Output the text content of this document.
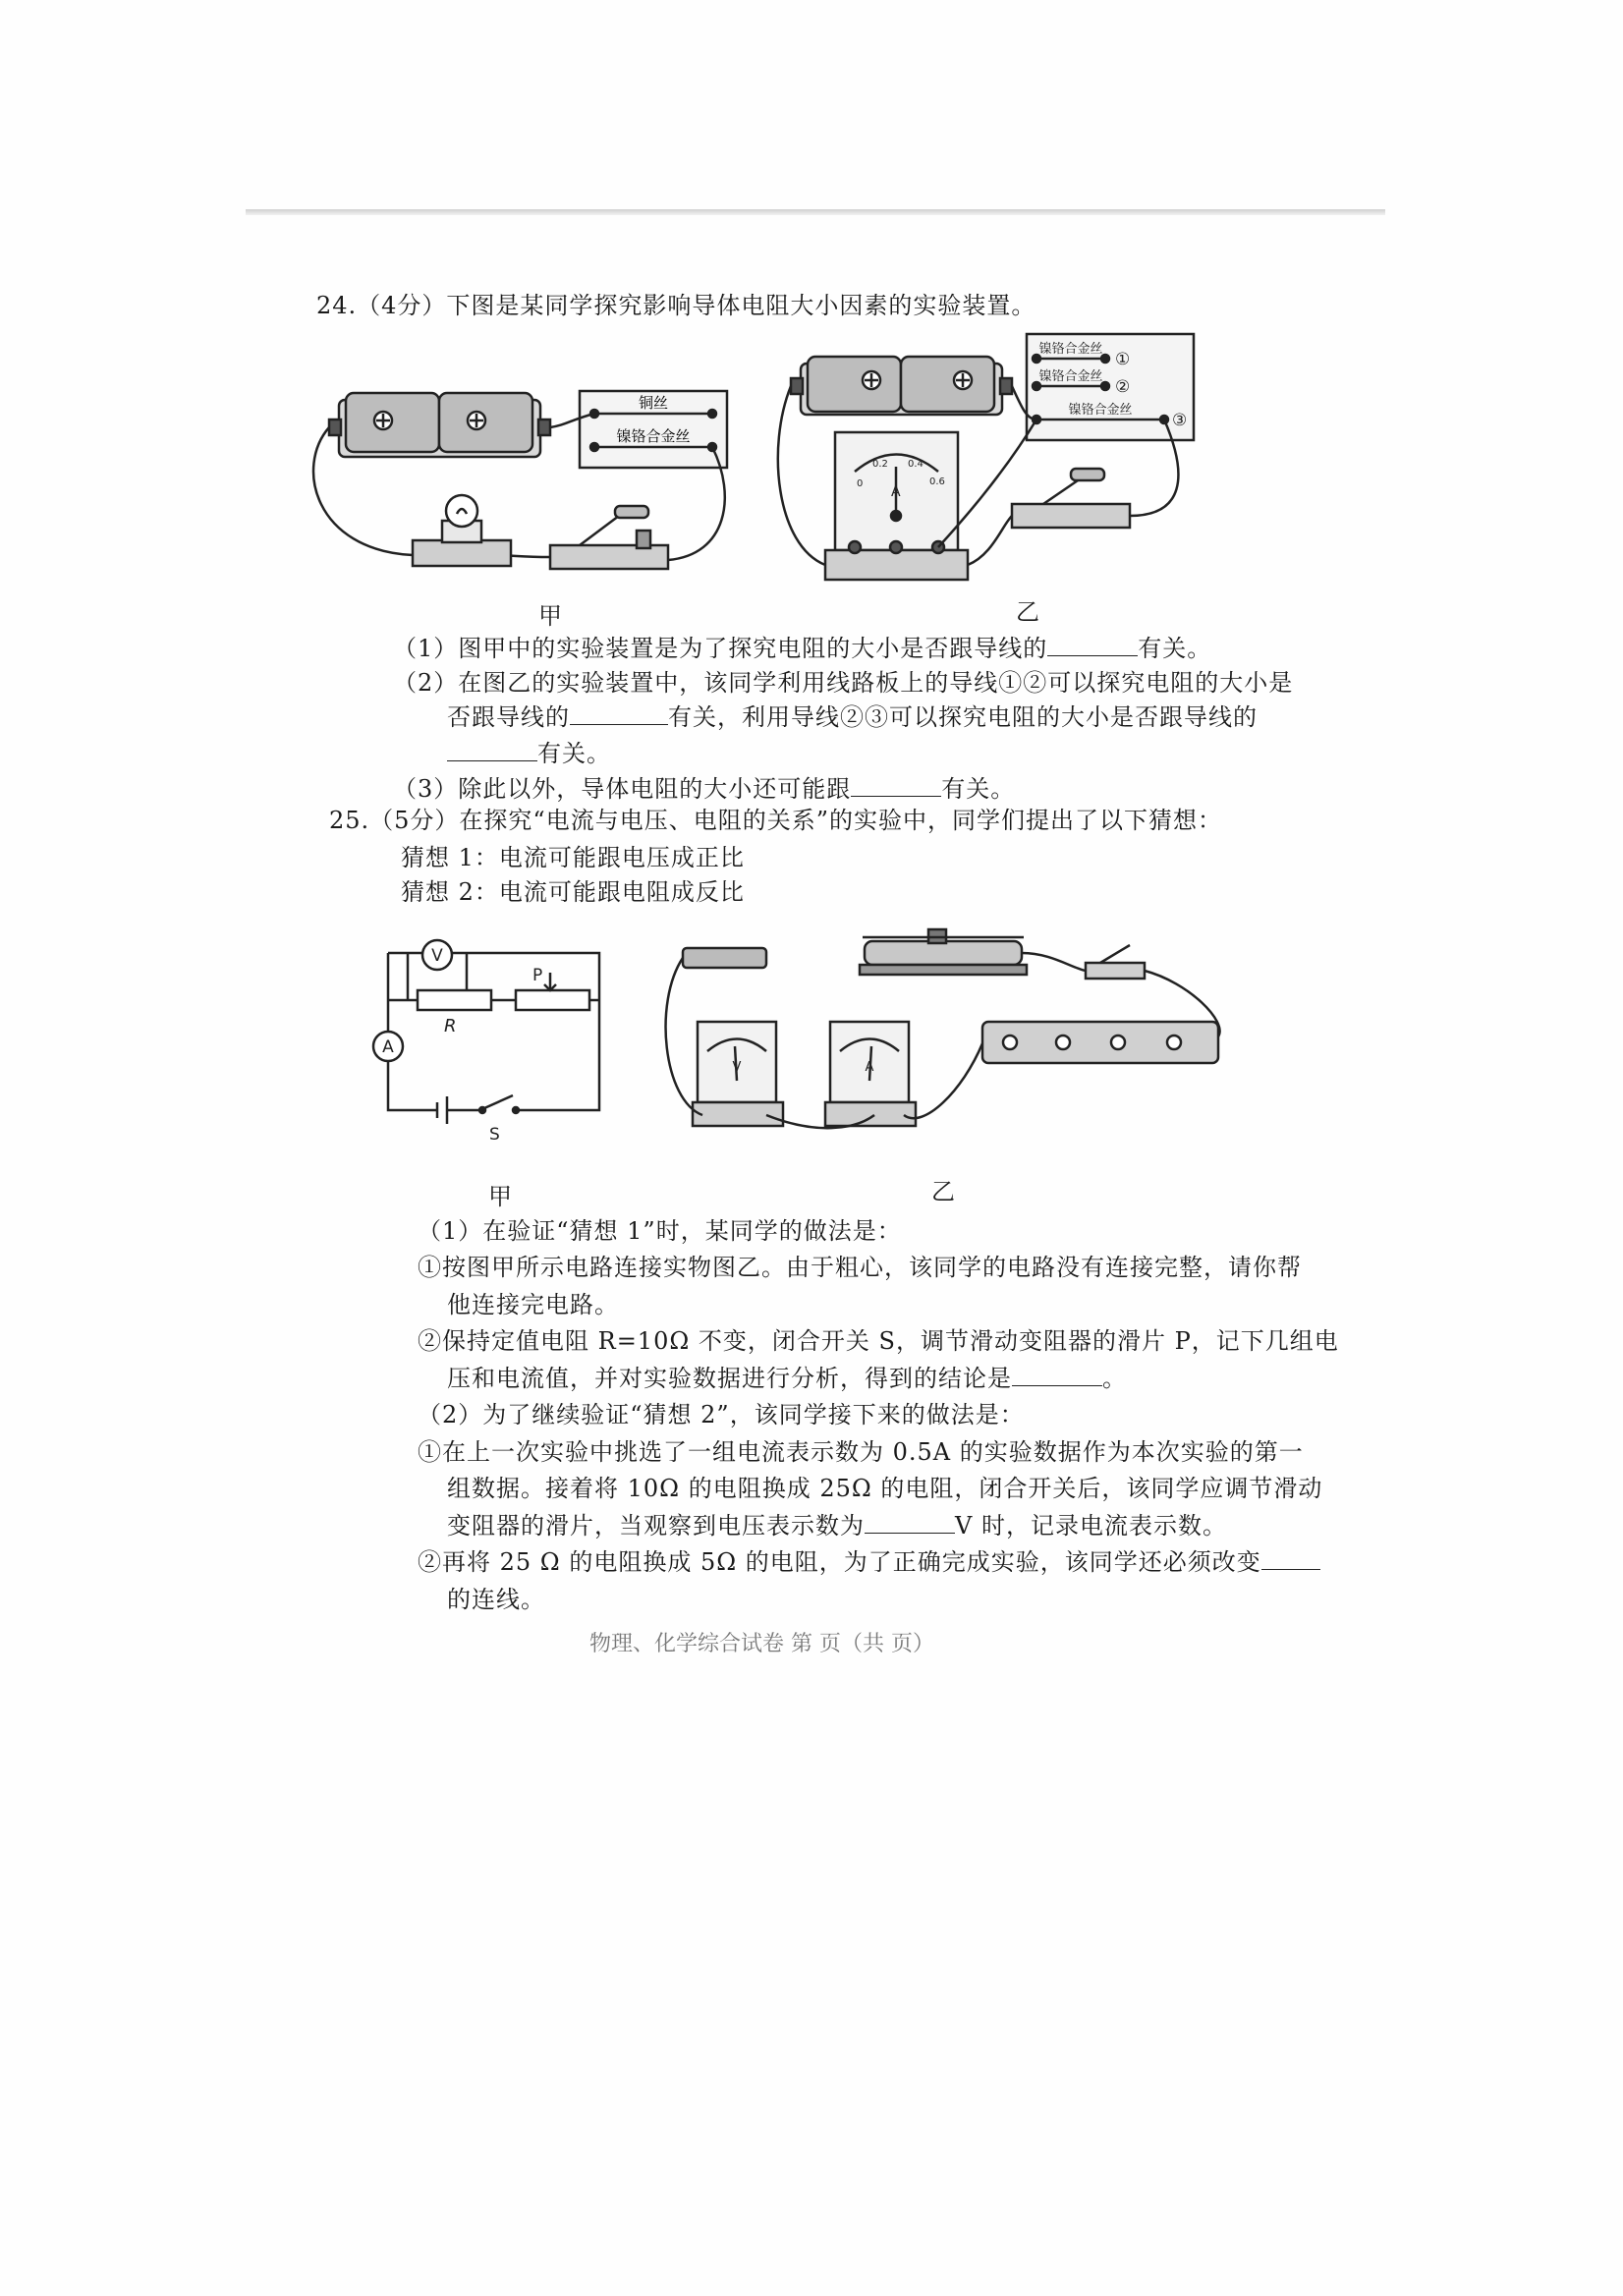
24.（4分）下图是某同学探究影响导体电阻大小因素的实验装置。
铜丝
镍铬合金丝
甲
镍铬合金丝
镍铬合金丝
镍铬合金丝
①
②
③
0
0.2 0.4
0.6
A
乙
（1）图甲中的实验装置是为了探究电阻的大小是否跟导线的	有关。
（2）在图乙的实验装置中，该同学利用线路板上的导线①②可以探究电阻的大小是
否跟导线的	有关，利用导线②③可以探究电阻的大小是否跟导线的
有关。
（3）除此以外，导体电阻的大小还可能跟	有关。
25.（5分）在探究“电流与电压、电阻的关系”的实验中，同学们提出了以下猜想：
猜想 1：电流可能跟电压成正比
猜想 2：电流可能跟电阻成反比
V
A
R
P
S
甲
V	A
乙
（1）在验证“猜想 1”时，某同学的做法是：
①按图甲所示电路连接实物图乙。由于粗心，该同学的电路没有连接完整，请你帮
他连接完电路。
②保持定值电阻 R=10Ω 不变，闭合开关 S，调节滑动变阻器的滑片 P，记下几组电
压和电流值，并对实验数据进行分析，得到的结论是	。
（2）为了继续验证“猜想 2”，该同学接下来的做法是：
①在上一次实验中挑选了一组电流表示数为 0.5A 的实验数据作为本次实验的第一
组数据。接着将 10Ω 的电阻换成 25Ω 的电阻，闭合开关后，该同学应调节滑动
变阻器的滑片，当观察到电压表示数为	V 时，记录电流表示数。
②再将 25 Ω 的电阻换成 5Ω 的电阻，为了正确完成实验，该同学还必须改变
的连线。
物理、化学综合试卷 第 页（共 页）
